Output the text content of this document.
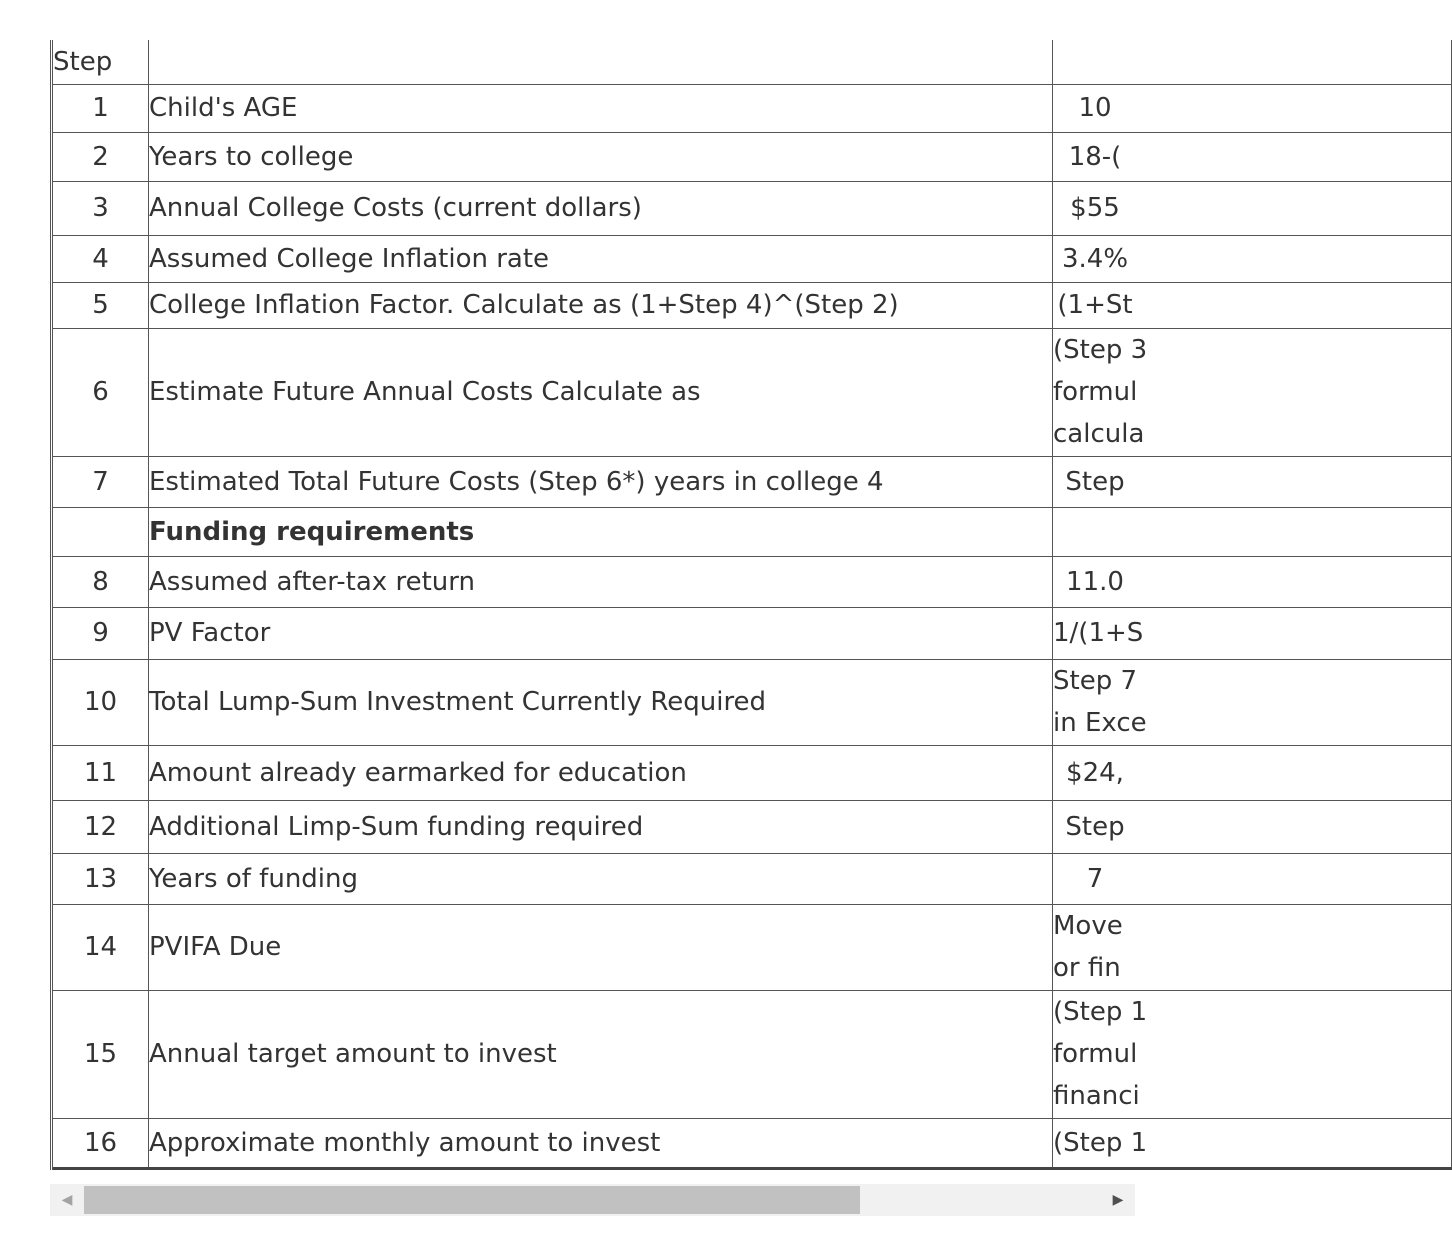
Step		
1	Child's AGE	10

2	Years to college	18-(

3	Annual College Costs (current dollars)	$55

4	Assumed College Inflation rate	3.4%

5	College Inflation Factor. Calculate as (1+Step 4)^(Step 2)	(1+St

6	Estimate Future Annual Costs Calculate as	(Step 3
formul
calcula

7	Estimated Total Future Costs (Step 6*) years in college 4	Step

	Funding requirements	

8	Assumed after-tax return	11.0

9	PV Factor	1/(1+S

10	Total Lump-Sum Investment Currently Required	Step 7
in Exce

11	Amount already earmarked for education	$24,

12	Additional Limp-Sum funding required	Step

13	Years of funding	7

14	PVIFA Due	Move
or fin

15	Annual target amount to invest	(Step 1
formul
financi

16	Approximate monthly amount to invest	(Step 1
◀	▶
